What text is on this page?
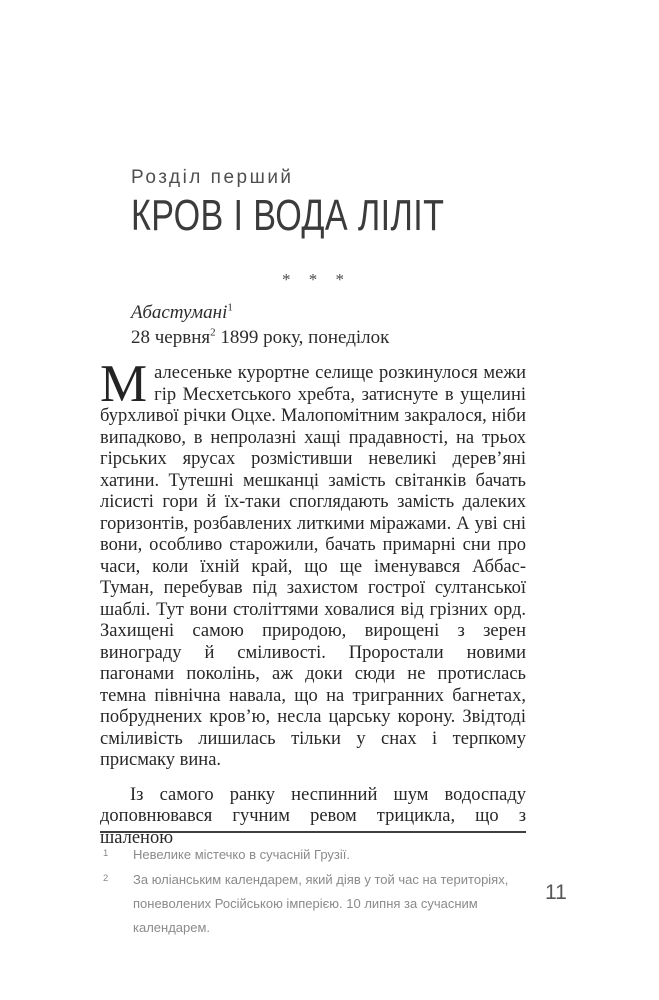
Розділ перший
КРОВ І ВОДА ЛІЛІТ
* * *
Абастумані$^1$
28 червня$^2$ 1899 року, понеділок

Малесеньке курортне селище розкинулося межи гір Месхетського хребта, затиснуте в ущелині бурхливої річки Оцхе. Малопомітним закралося, ніби випадково, в непролазні хащі прадавності, на трьох гірських ярусах розмістивши невеликі дерев’яні хатини. Тутешні мешканці замість світанків бачать лісисті гори й їх-таки споглядають замість далеких горизонтів, розбавлених литкими міражами. А уві сні вони, особливо старожили, бачать примарні сни про часи, коли їхній край, що ще іменувався Аббас-Туман, перебував під захистом гострої султанської шаблі. Тут вони століттями ховалися від грізних орд. Захищені самою природою, вирощені з зерен винограду й сміливості. Проростали новими пагонами поколінь, аж доки сюди не протислась темна північна навала, що на тригранних багнетах, побруднених кров’ю, несла царську корону. Звідтоді сміливість лишилась тільки у снах і терпкому присмаку вина.

Із самого ранку неспинний шум водоспаду доповнювався гучним ревом трицикла, що з шаленою

1 Невелике містечко в сучасній Грузії.
2 За юліанським календарем, який діяв у той час на територіях, поневолених Російською імперією. 10 липня за сучасним календарем.
11
